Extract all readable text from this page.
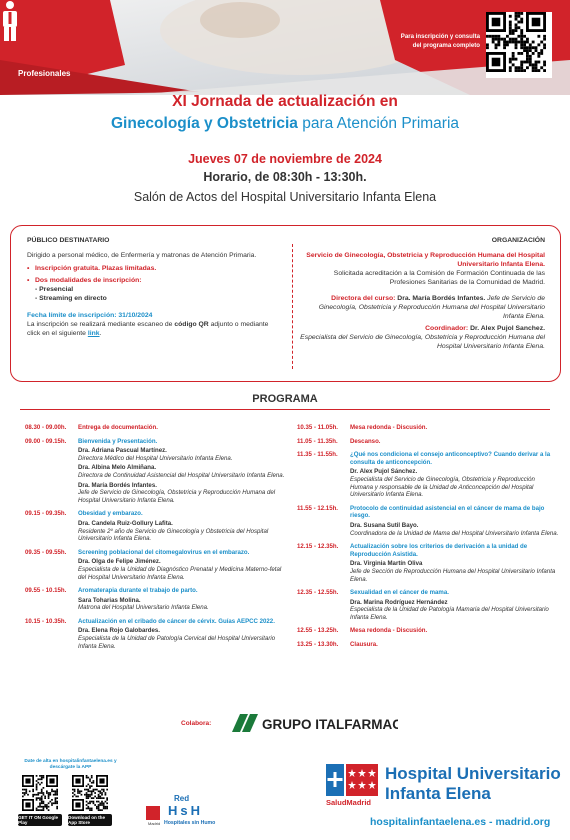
Profesionales
Para inscripción y consulta del programa completo
XI Jornada de actualización en
Ginecología y Obstetricia para Atención Primaria
Jueves 07 de noviembre de 2024
Horario, de 08:30h - 13:30h.
Salón de Actos del Hospital Universitario Infanta Elena
PÚBLICO DESTINATARIO
Dirigido a personal médico, de Enfermería y matronas de Atención Primaria.
• Inscripción gratuita. Plazas limitadas.
• Dos modalidades de inscripción:
- Presencial
- Streaming en directo
Fecha límite de inscripción: 31/10/2024
La inscripción se realizará mediante escaneo de código QR adjunto o mediante click en el siguiente link.
ORGANIZACIÓN
Servicio de Ginecología, Obstetricia y Reproducción Humana del Hospital Universitario Infanta Elena.
Solicitada acreditación a la Comisión de Formación Continuada de las Profesiones Sanitarias de la Comunidad de Madrid.
Directora del curso: Dra. María Bordés Infantes. Jefe de Servicio de Ginecología, Obstetricia y Reproducción Humana del Hospital Universitario Infanta Elena.
Coordinador: Dr. Alex Pujol Sanchez.
Especialista del Servicio de Ginecología, Obstetricia y Reproducción Humana del Hospital Universitario Infanta Elena.
PROGRAMA
08.30 - 09.00h.	Entrega de documentación.
09.00 - 09.15h.	Bienvenida y Presentación.
Dra. Adriana Pascual Martínez.
Directora Médico del Hospital Universitario Infanta Elena.
Dra. Albina Melo Almiñana.
Directora de Continuidad Asistencial del Hospital Universitario Infanta Elena.
Dra. María Bordés Infantes.
Jefe de Servicio de Ginecología, Obstetricia y Reproducción Humana del Hospital Universitario Infanta Elena.
09.15 - 09.35h.	Obesidad y embarazo.
Dra. Candela Ruiz-Gollury Lafita.
Residente 2º año de Servicio de Ginecología y Obstetricia del Hospital Universitario Infanta Elena.
09.35 - 09.55h.	Screening poblacional del citomegalovirus en el embarazo.
Dra. Olga de Felipe Jiménez.
Especialista de la Unidad de Diagnóstico Prenatal y Medicina Materno-fetal del Hospital Universitario Infanta Elena.
09.55 - 10.15h.	Aromaterapia durante el trabajo de parto.
Sara Toharias Molina.
Matrona del Hospital Universitario Infanta Elena.
10.15 - 10.35h.	Actualización en el cribado de cáncer de cérvix. Guías AEPCC 2022.
Dra. Elena Rojo Galobardes.
Especialista de la Unidad de Patología Cervical del Hospital Universitario Infanta Elena.
10.35 - 11.05h.	Mesa redonda - Discusión.
11.05 - 11.35h.	Descanso.
11.35 - 11.55h.	¿Qué nos condiciona el consejo anticonceptivo? Cuando derivar a la consulta de anticoncepción.
Dr. Alex Pujol Sánchez.
Especialista del Servicio de Ginecología, Obstetricia y Reproducción Humana y responsable de la Unidad de Anticoncepción del Hospital Universitario Infanta Elena.
11.55 - 12.15h.	Protocolo de continuidad asistencial en el cáncer de mama de bajo riesgo.
Dra. Susana Sutil Bayo.
Coordinadora de la Unidad de Mama del Hospital Universitario Infanta Elena.
12.15 - 12.35h.	Actualización sobre los criterios de derivación a la unidad de Reproducción Asistida.
Dra. Virginia Martín Oliva
Jefe de Sección de Reproducción Humana del Hospital Universitario Infanta Elena.
12.35 - 12.55h.	Sexualidad en el cáncer de mama.
Dra. Marina Rodríguez Hernández
Especialista de la Unidad de Patología Mamaria del Hospital Universitario Infanta Elena.
12.55 - 13.25h.	Mesa redonda - Discusión.
13.25 - 13.30h.	Clausura.
Colabora:	GRUPO ITALFARMACO
Date de alta en hospitalinfantaelena.es y descárgate la APP
GET IT ON Google Play
Download on the App Store	Madrid
Red
HsH
Hospitales sin Humo
SaludMadrid
Hospital Universitario
Infanta Elena
hospitalinfantaelena.es - madrid.org
